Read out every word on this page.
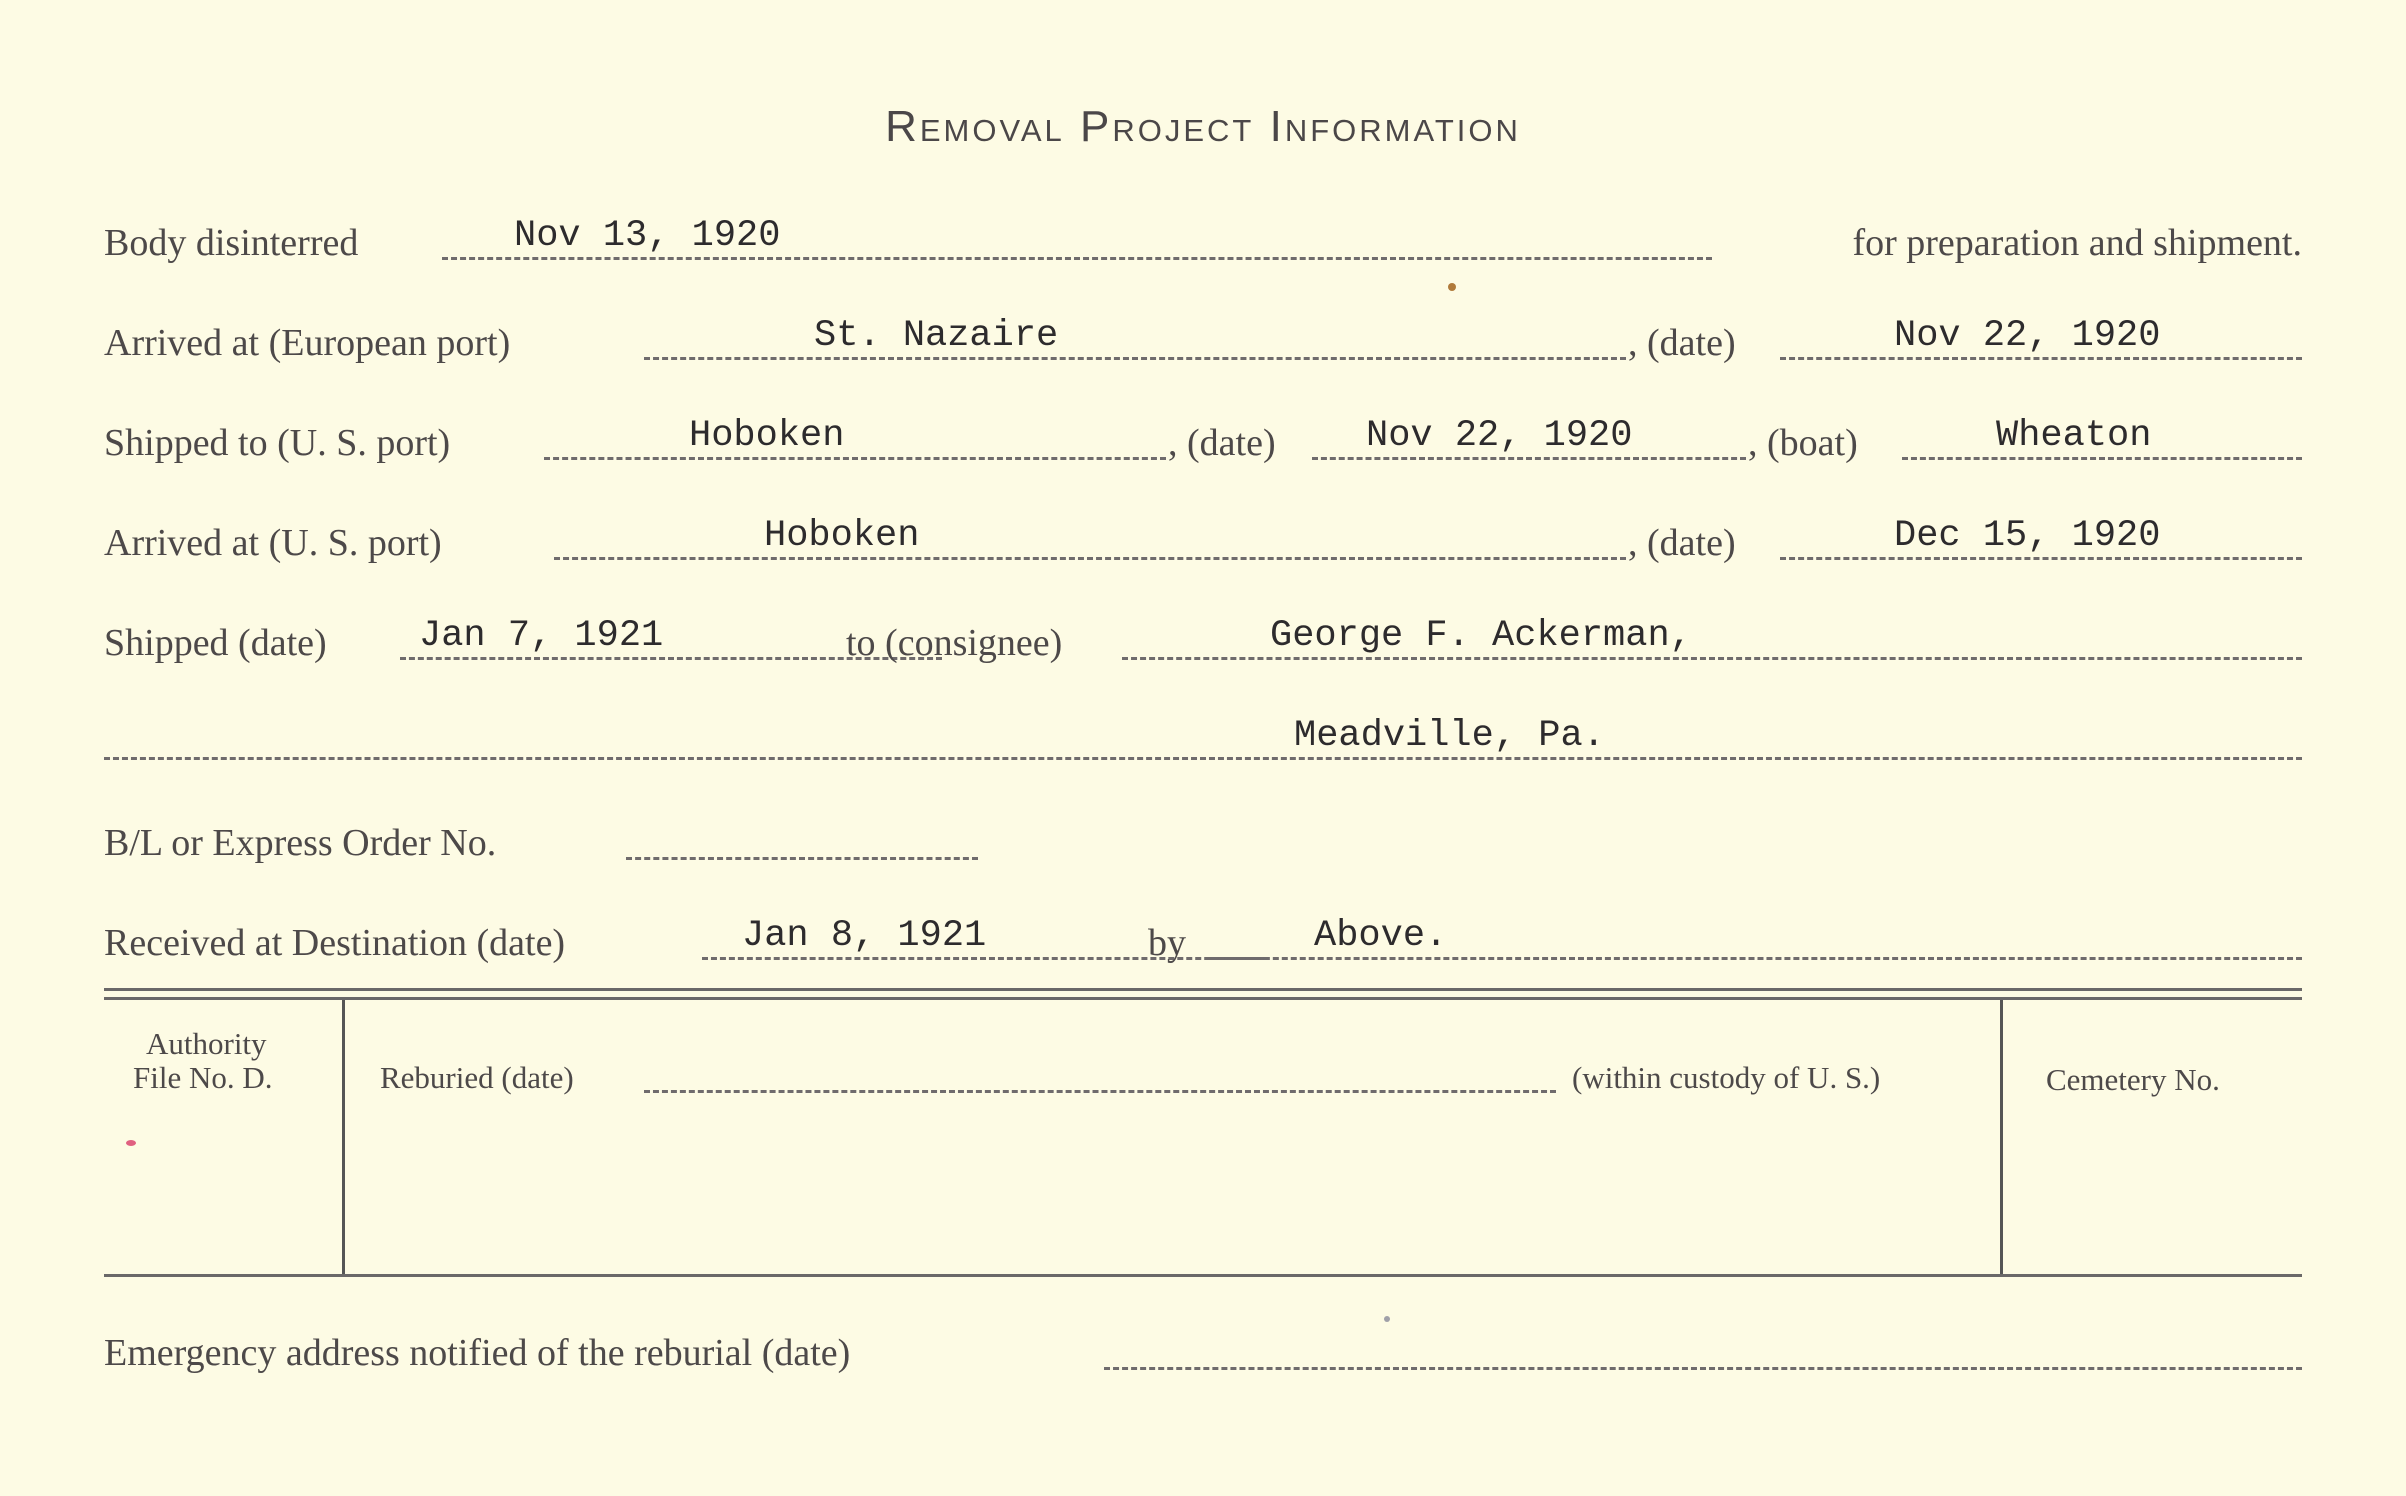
Removal Project Information
Body disinterred	Nov 13, 1920	for preparation and shipment.
Arrived at (European port)	St. Nazaire	, (date)	Nov 22, 1920
Shipped to (U. S. port)	Hoboken	, (date) Nov 22, 1920	, (boat)	Wheaton
Arrived at (U. S. port)	Hoboken	, (date)	Dec 15, 1920
Shipped (date) Jan 7, 1921	to (consignee)	George F. Ackerman,
Meadville, Pa.
B/L or Express Order No.
Received at Destination (date)	Jan 8, 1921	by	Above.
Authority
File No. D.	Reburied (date)	(within custody of U. S.)	Cemetery No.
Emergency address notified of the reburial (date)
